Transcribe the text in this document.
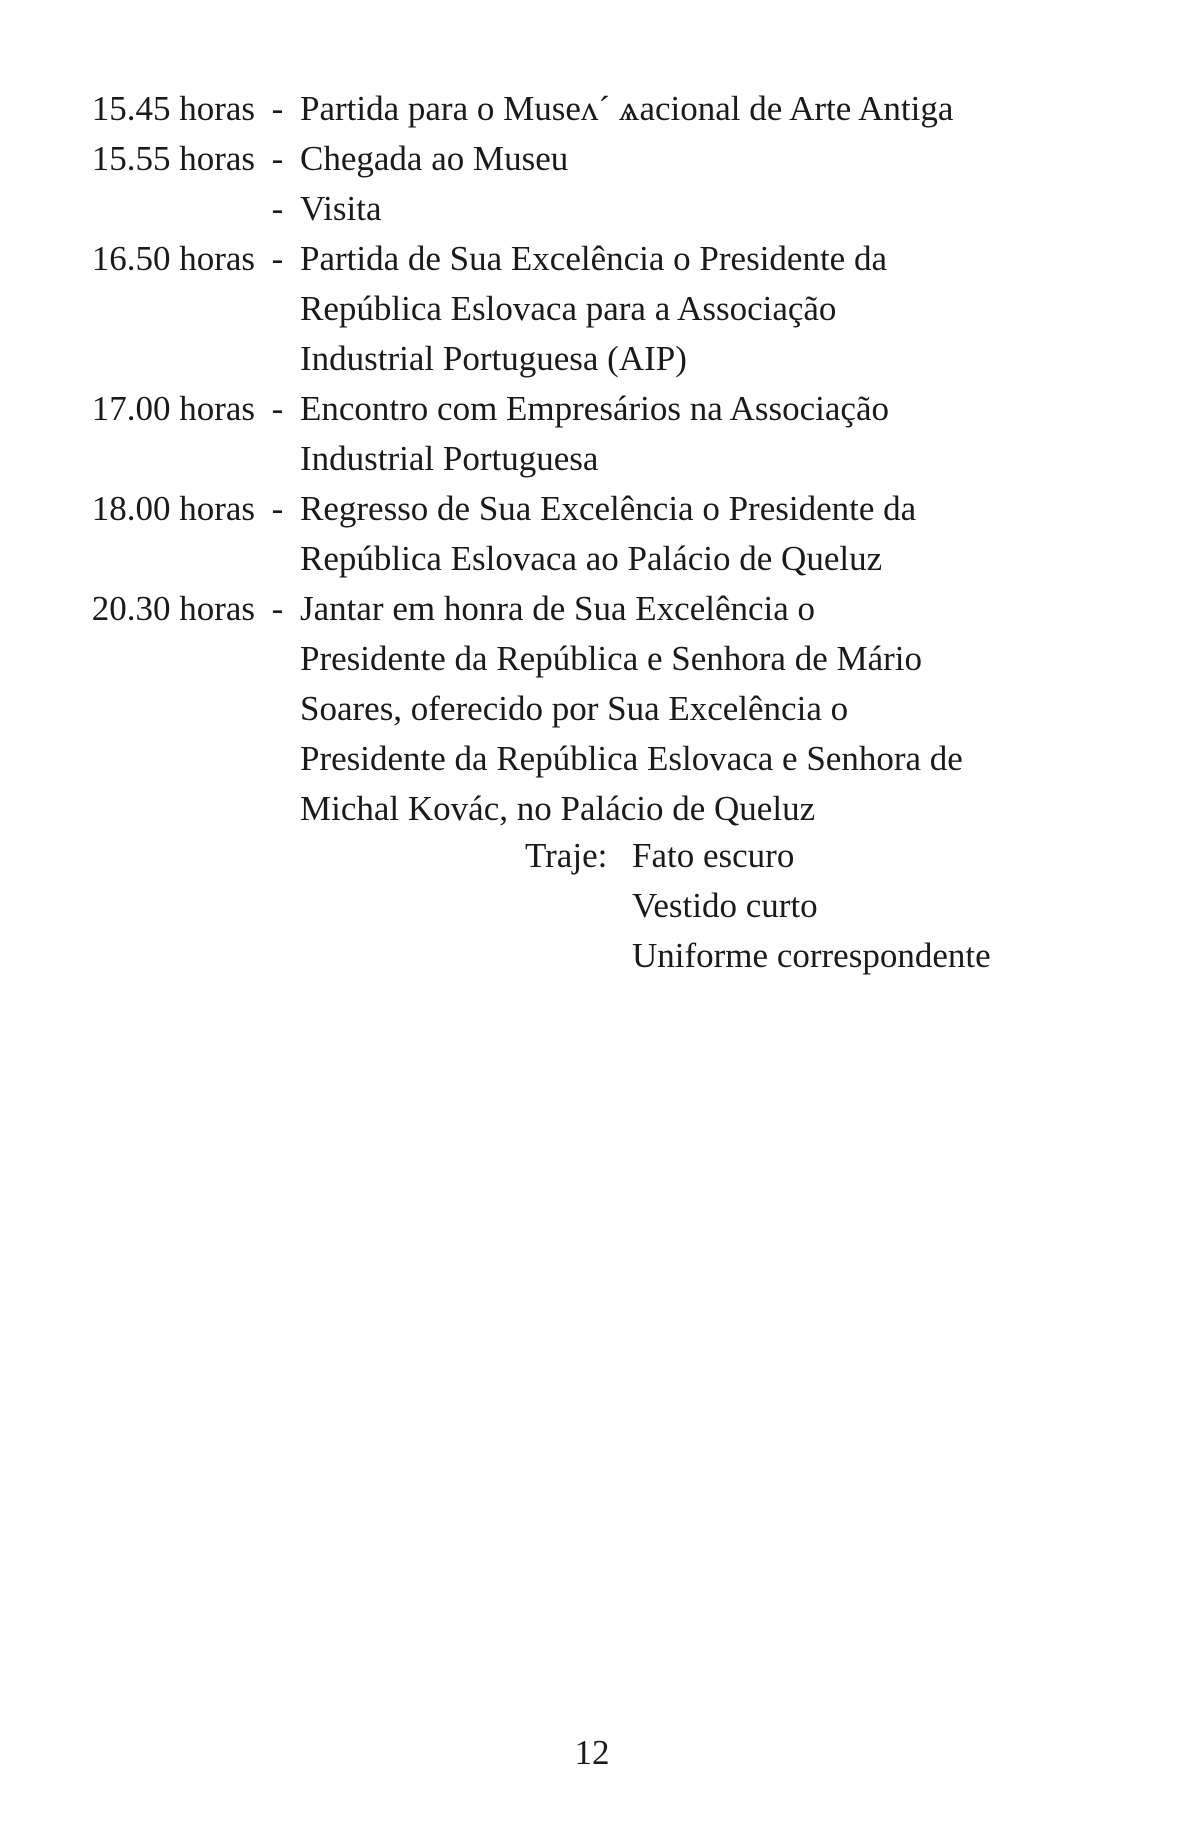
15.45 horas - Partida para o Museʌ´ ѧacional de Arte Antiga
15.55 horas - Chegada ao Museu
- Visita
16.50 horas - Partida de Sua Excelência o Presidente da
República Eslovaca para a Associação
Industrial Portuguesa (AIP)
17.00 horas - Encontro com Empresários na Associação
Industrial Portuguesa
18.00 horas - Regresso de Sua Excelência o Presidente da
República Eslovaca ao Palácio de Queluz
20.30 horas - Jantar em honra de Sua Excelência o
Presidente da República e Senhora de Mário
Soares, oferecido por Sua Excelência o
Presidente da República Eslovaca e Senhora de
Michal Kovác, no Palácio de Queluz
Traje: Fato escuro
Vestido curto
Uniforme correspondente
12
